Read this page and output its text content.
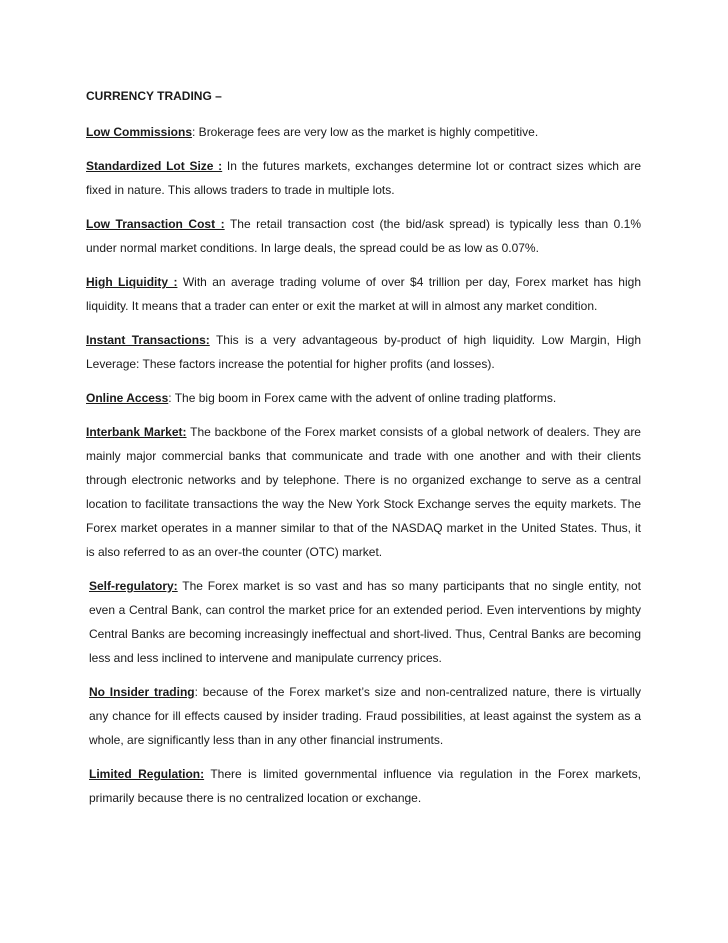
CURRENCY TRADING –

Low Commissions: Brokerage fees are very low as the market is highly competitive.

Standardized Lot Size : In the futures markets, exchanges determine lot or contract sizes which are fixed in nature. This allows traders to trade in multiple lots.

Low Transaction Cost : The retail transaction cost (the bid/ask spread) is typically less than 0.1% under normal market conditions. In large deals, the spread could be as low as 0.07%.

High Liquidity : With an average trading volume of over $4 trillion per day, Forex market has high liquidity. It means that a trader can enter or exit the market at will in almost any market condition.

Instant Transactions: This is a very advantageous by-product of high liquidity. Low Margin, High Leverage: These factors increase the potential for higher profits (and losses).

Online Access: The big boom in Forex came with the advent of online trading platforms.

Interbank Market: The backbone of the Forex market consists of a global network of dealers. They are mainly major commercial banks that communicate and trade with one another and with their clients through electronic networks and by telephone. There is no organized exchange to serve as a central location to facilitate transactions the way the New York Stock Exchange serves the equity markets. The Forex market operates in a manner similar to that of the NASDAQ market in the United States. Thus, it is also referred to as an over-the counter (OTC) market.

Self-regulatory: The Forex market is so vast and has so many participants that no single entity, not even a Central Bank, can control the market price for an extended period. Even interventions by mighty Central Banks are becoming increasingly ineffectual and short-lived. Thus, Central Banks are becoming less and less inclined to intervene and manipulate currency prices.

No Insider trading: because of the Forex market’s size and non-centralized nature, there is virtually any chance for ill effects caused by insider trading. Fraud possibilities, at least against the system as a whole, are significantly less than in any other financial instruments.

Limited Regulation: There is limited governmental influence via regulation in the Forex markets, primarily because there is no centralized location or exchange.
